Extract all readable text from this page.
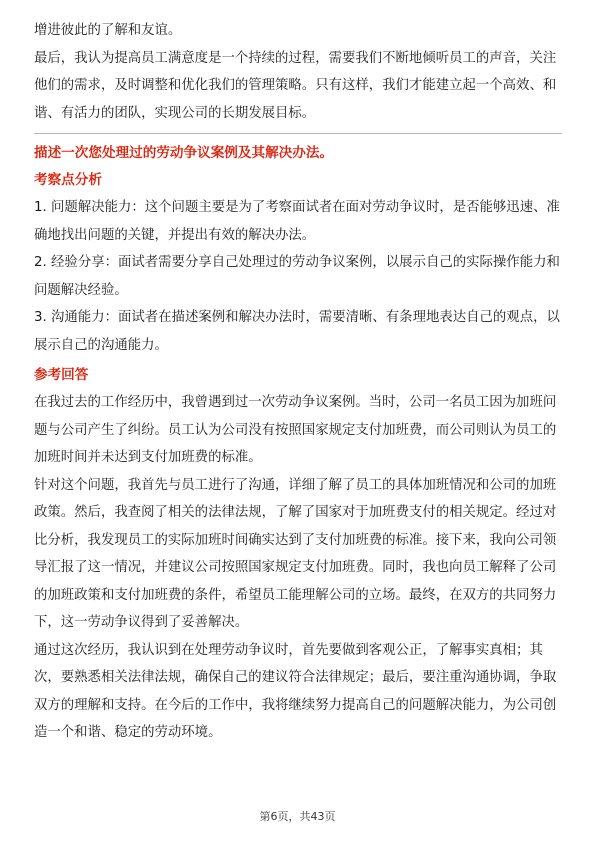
增进彼此的了解和友谊。

最后，我认为提高员工满意度是一个持续的过程，需要我们不断地倾听员工的声音，关注他们的需求，及时调整和优化我们的管理策略。只有这样，我们才能建立起一个高效、和谐、有活力的团队，实现公司的长期发展目标。

描述一次您处理过的劳动争议案例及其解决办法。

考察点分析

1. 问题解决能力：这个问题主要是为了考察面试者在面对劳动争议时，是否能够迅速、准确地找出问题的关键，并提出有效的解决办法。

2. 经验分享：面试者需要分享自己处理过的劳动争议案例，以展示自己的实际操作能力和问题解决经验。

3. 沟通能力：面试者在描述案例和解决办法时，需要清晰、有条理地表达自己的观点，以展示自己的沟通能力。

参考回答

在我过去的工作经历中，我曾遇到过一次劳动争议案例。当时，公司一名员工因为加班问题与公司产生了纠纷。员工认为公司没有按照国家规定支付加班费，而公司则认为员工的加班时间并未达到支付加班费的标准。

针对这个问题，我首先与员工进行了沟通，详细了解了员工的具体加班情况和公司的加班政策。然后，我查阅了相关的法律法规，了解了国家对于加班费支付的相关规定。经过对比分析，我发现员工的实际加班时间确实达到了支付加班费的标准。接下来，我向公司领导汇报了这一情况，并建议公司按照国家规定支付加班费。同时，我也向员工解释了公司的加班政策和支付加班费的条件，希望员工能理解公司的立场。最终，在双方的共同努力下，这一劳动争议得到了妥善解决。

通过这次经历，我认识到在处理劳动争议时，首先要做到客观公正，了解事实真相；其次，要熟悉相关法律法规，确保自己的建议符合法律规定；最后，要注重沟通协调，争取双方的理解和支持。在今后的工作中，我将继续努力提高自己的问题解决能力，为公司创造一个和谐、稳定的劳动环境。

第6页，共43页
